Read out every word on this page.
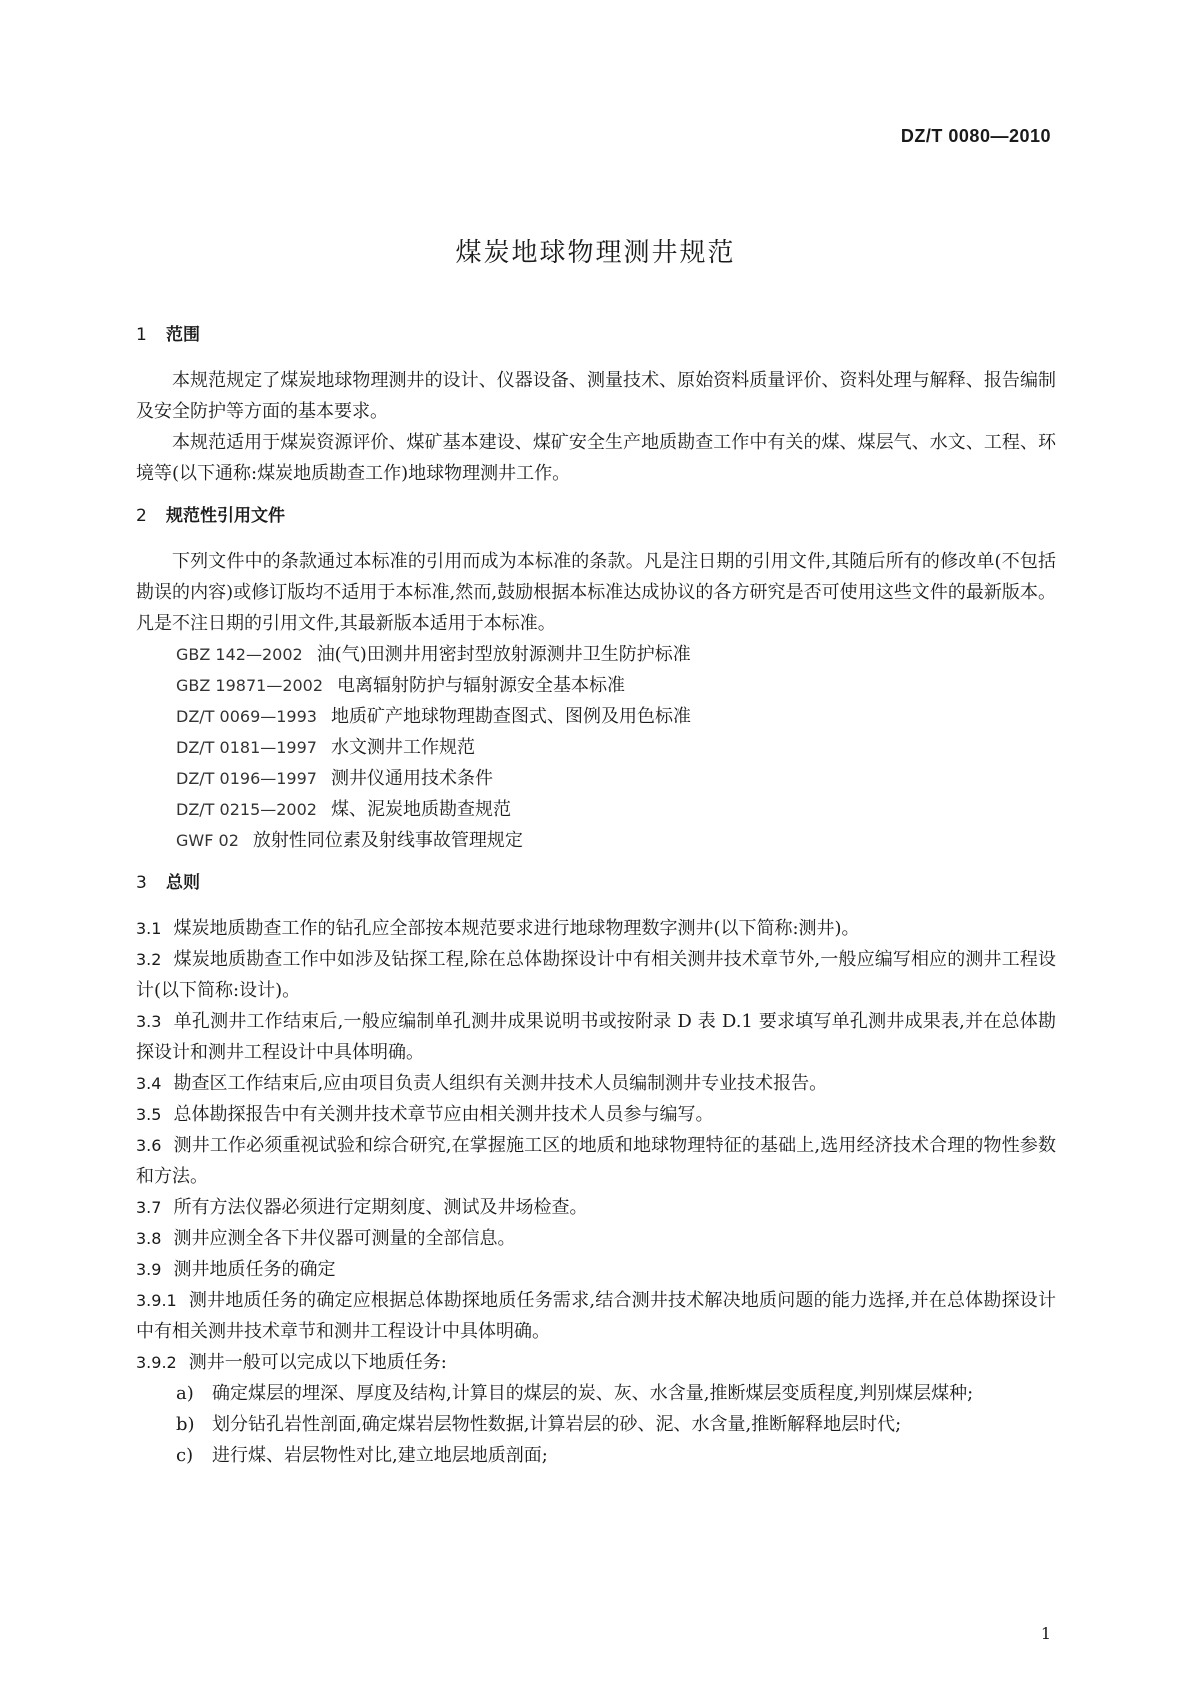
DZ/T 0080—2010
煤炭地球物理测井规范
1 范围

本规范规定了煤炭地球物理测井的设计、仪器设备、测量技术、原始资料质量评价、资料处理与解释、报告编制及安全防护等方面的基本要求。

本规范适用于煤炭资源评价、煤矿基本建设、煤矿安全生产地质勘查工作中有关的煤、煤层气、水文、工程、环境等(以下通称:煤炭地质勘查工作)地球物理测井工作。

2 规范性引用文件

下列文件中的条款通过本标准的引用而成为本标准的条款。凡是注日期的引用文件,其随后所有的修改单(不包括勘误的内容)或修订版均不适用于本标准,然而,鼓励根据本标准达成协议的各方研究是否可使用这些文件的最新版本。凡是不注日期的引用文件,其最新版本适用于本标准。

GBZ 142—2002 油(气)田测井用密封型放射源测井卫生防护标准
GBZ 19871—2002 电离辐射防护与辐射源安全基本标准
DZ/T 0069—1993 地质矿产地球物理勘查图式、图例及用色标准
DZ/T 0181—1997 水文测井工作规范
DZ/T 0196—1997 测井仪通用技术条件
DZ/T 0215—2002 煤、泥炭地质勘查规范
GWF 02 放射性同位素及射线事故管理规定
3 总则

3.1 煤炭地质勘查工作的钻孔应全部按本规范要求进行地球物理数字测井(以下简称:测井)。

3.2 煤炭地质勘查工作中如涉及钻探工程,除在总体勘探设计中有相关测井技术章节外,一般应编写相应的测井工程设计(以下简称:设计)。

3.3 单孔测井工作结束后,一般应编制单孔测井成果说明书或按附录 D 表 D.1 要求填写单孔测井成果表,并在总体勘探设计和测井工程设计中具体明确。

3.4 勘查区工作结束后,应由项目负责人组织有关测井技术人员编制测井专业技术报告。

3.5 总体勘探报告中有关测井技术章节应由相关测井技术人员参与编写。

3.6 测井工作必须重视试验和综合研究,在掌握施工区的地质和地球物理特征的基础上,选用经济技术合理的物性参数和方法。

3.7 所有方法仪器必须进行定期刻度、测试及井场检查。

3.8 测井应测全各下井仪器可测量的全部信息。

3.9 测井地质任务的确定

3.9.1 测井地质任务的确定应根据总体勘探地质任务需求,结合测井技术解决地质问题的能力选择,并在总体勘探设计中有相关测井技术章节和测井工程设计中具体明确。

3.9.2 测井一般可以完成以下地质任务:

a) 确定煤层的埋深、厚度及结构,计算目的煤层的炭、灰、水含量,推断煤层变质程度,判别煤层煤种;
b) 划分钻孔岩性剖面,确定煤岩层物性数据,计算岩层的砂、泥、水含量,推断解释地层时代;
c) 进行煤、岩层物性对比,建立地层地质剖面;
1
